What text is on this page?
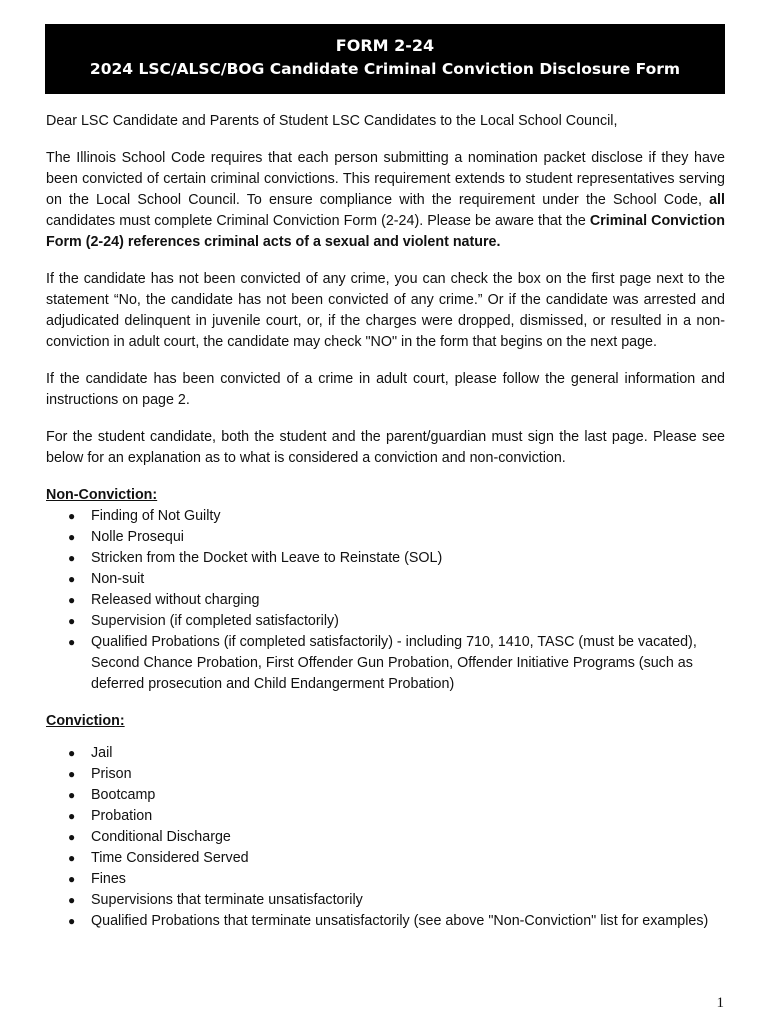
FORM 2-24
2024 LSC/ALSC/BOG Candidate Criminal Conviction Disclosure Form

Dear LSC Candidate and Parents of Student LSC Candidates to the Local School Council,

The Illinois School Code requires that each person submitting a nomination packet disclose if they have been convicted of certain criminal convictions. This requirement extends to student representatives serving on the Local School Council. To ensure compliance with the requirement under the School Code, all candidates must complete Criminal Conviction Form (2-24). Please be aware that the Criminal Conviction Form (2-24) references criminal acts of a sexual and violent nature.

If the candidate has not been convicted of any crime, you can check the box on the first page next to the statement “No, the candidate has not been convicted of any crime.” Or if the candidate was arrested and adjudicated delinquent in juvenile court, or, if the charges were dropped, dismissed, or resulted in a non-conviction in adult court, the candidate may check "NO" in the form that begins on the next page.

If the candidate has been convicted of a crime in adult court, please follow the general information and instructions on page 2.

For the student candidate, both the student and the parent/guardian must sign the last page. Please see below for an explanation as to what is considered a conviction and non-conviction.

Non-Conviction:
● Finding of Not Guilty
● Nolle Prosequi
● Stricken from the Docket with Leave to Reinstate (SOL)
● Non-suit
● Released without charging
● Supervision (if completed satisfactorily)
● Qualified Probations (if completed satisfactorily) - including 710, 1410, TASC (must be vacated), Second Chance Probation, First Offender Gun Probation, Offender Initiative Programs (such as deferred prosecution and Child Endangerment Probation)
Conviction:
● Jail
● Prison
● Bootcamp
● Probation
● Conditional Discharge
● Time Considered Served
● Fines
● Supervisions that terminate unsatisfactorily
● Qualified Probations that terminate unsatisfactorily (see above "Non-Conviction" list for examples)
1
